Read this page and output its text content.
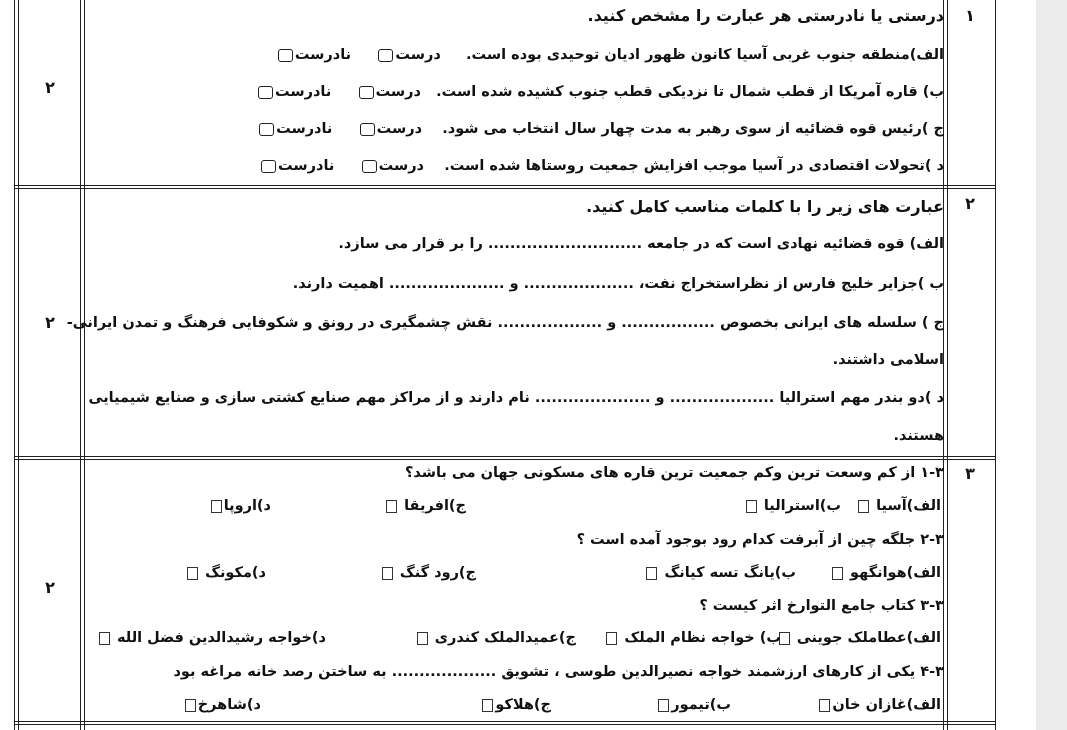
۱
۲
درستی یا نادرستی هر عبارت را مشخص کنید.
الف)منطقه جنوب غربی آسیا کانون ظهور ادیان توحیدی بوده است.     درست     نادرست
ب) قاره آمریکا از قطب شمال تا نزدیکی قطب جنوب کشیده شده است.   درست     نادرست
ج )رئیس قوه قضائیه از سوی رهبر به مدت چهار سال انتخاب می شود.    درست     نادرست
د )تحولات اقتصادی در آسیا موجب افزایش جمعیت روستاها شده است.    درست     نادرست
۲
۲
عبارت های زیر را با کلمات مناسب کامل کنید.
الف) قوه قضائیه نهادی است که در جامعه ............................ را بر قرار می سازد.
ب )جزایر خلیج فارس از نظراستخراج نفت، .................... و ..................... اهمیت دارند.
ج ) سلسله های ایرانی بخصوص ................. و ................... نقش چشمگیری در رونق و شکوفایی فرهنگ و تمدن ایرانی-
اسلامی داشتند.
د )دو بندر مهم استرالیا ................... و ..................... نام دارند و از مراکز مهم صنایع کشتی سازی و صنایع شیمیایی
هستند.
۳
۲
۱-۳ از کم وسعت ترین وکم جمعیت ترین قاره های مسکونی جهان می باشد؟
الف)آسیا
ب)استرالیا
ج)افریقا
د)اروپا
۲-۳ جلگه چین از آبرفت کدام رود بوجود آمده است ؟
الف)هوانگهو
ب)یانگ تسه کیانگ
ج)رود گنگ
د)مکونگ
۳-۳ کتاب جامع التوارخ اثر کیست ؟
الف)عطاملک جوینی
ب) خواجه نظام الملک
ج)عمیدالملک کندری
د)خواجه رشیدالدین فضل الله
۴-۳ یکی از کارهای ارزشمند خواجه نصیرالدین طوسی ، تشویق ................... به ساختن رصد خانه مراغه بود
الف)غازان خان
ب)تیمور
ج)هلاکو
د)شاهرخ
